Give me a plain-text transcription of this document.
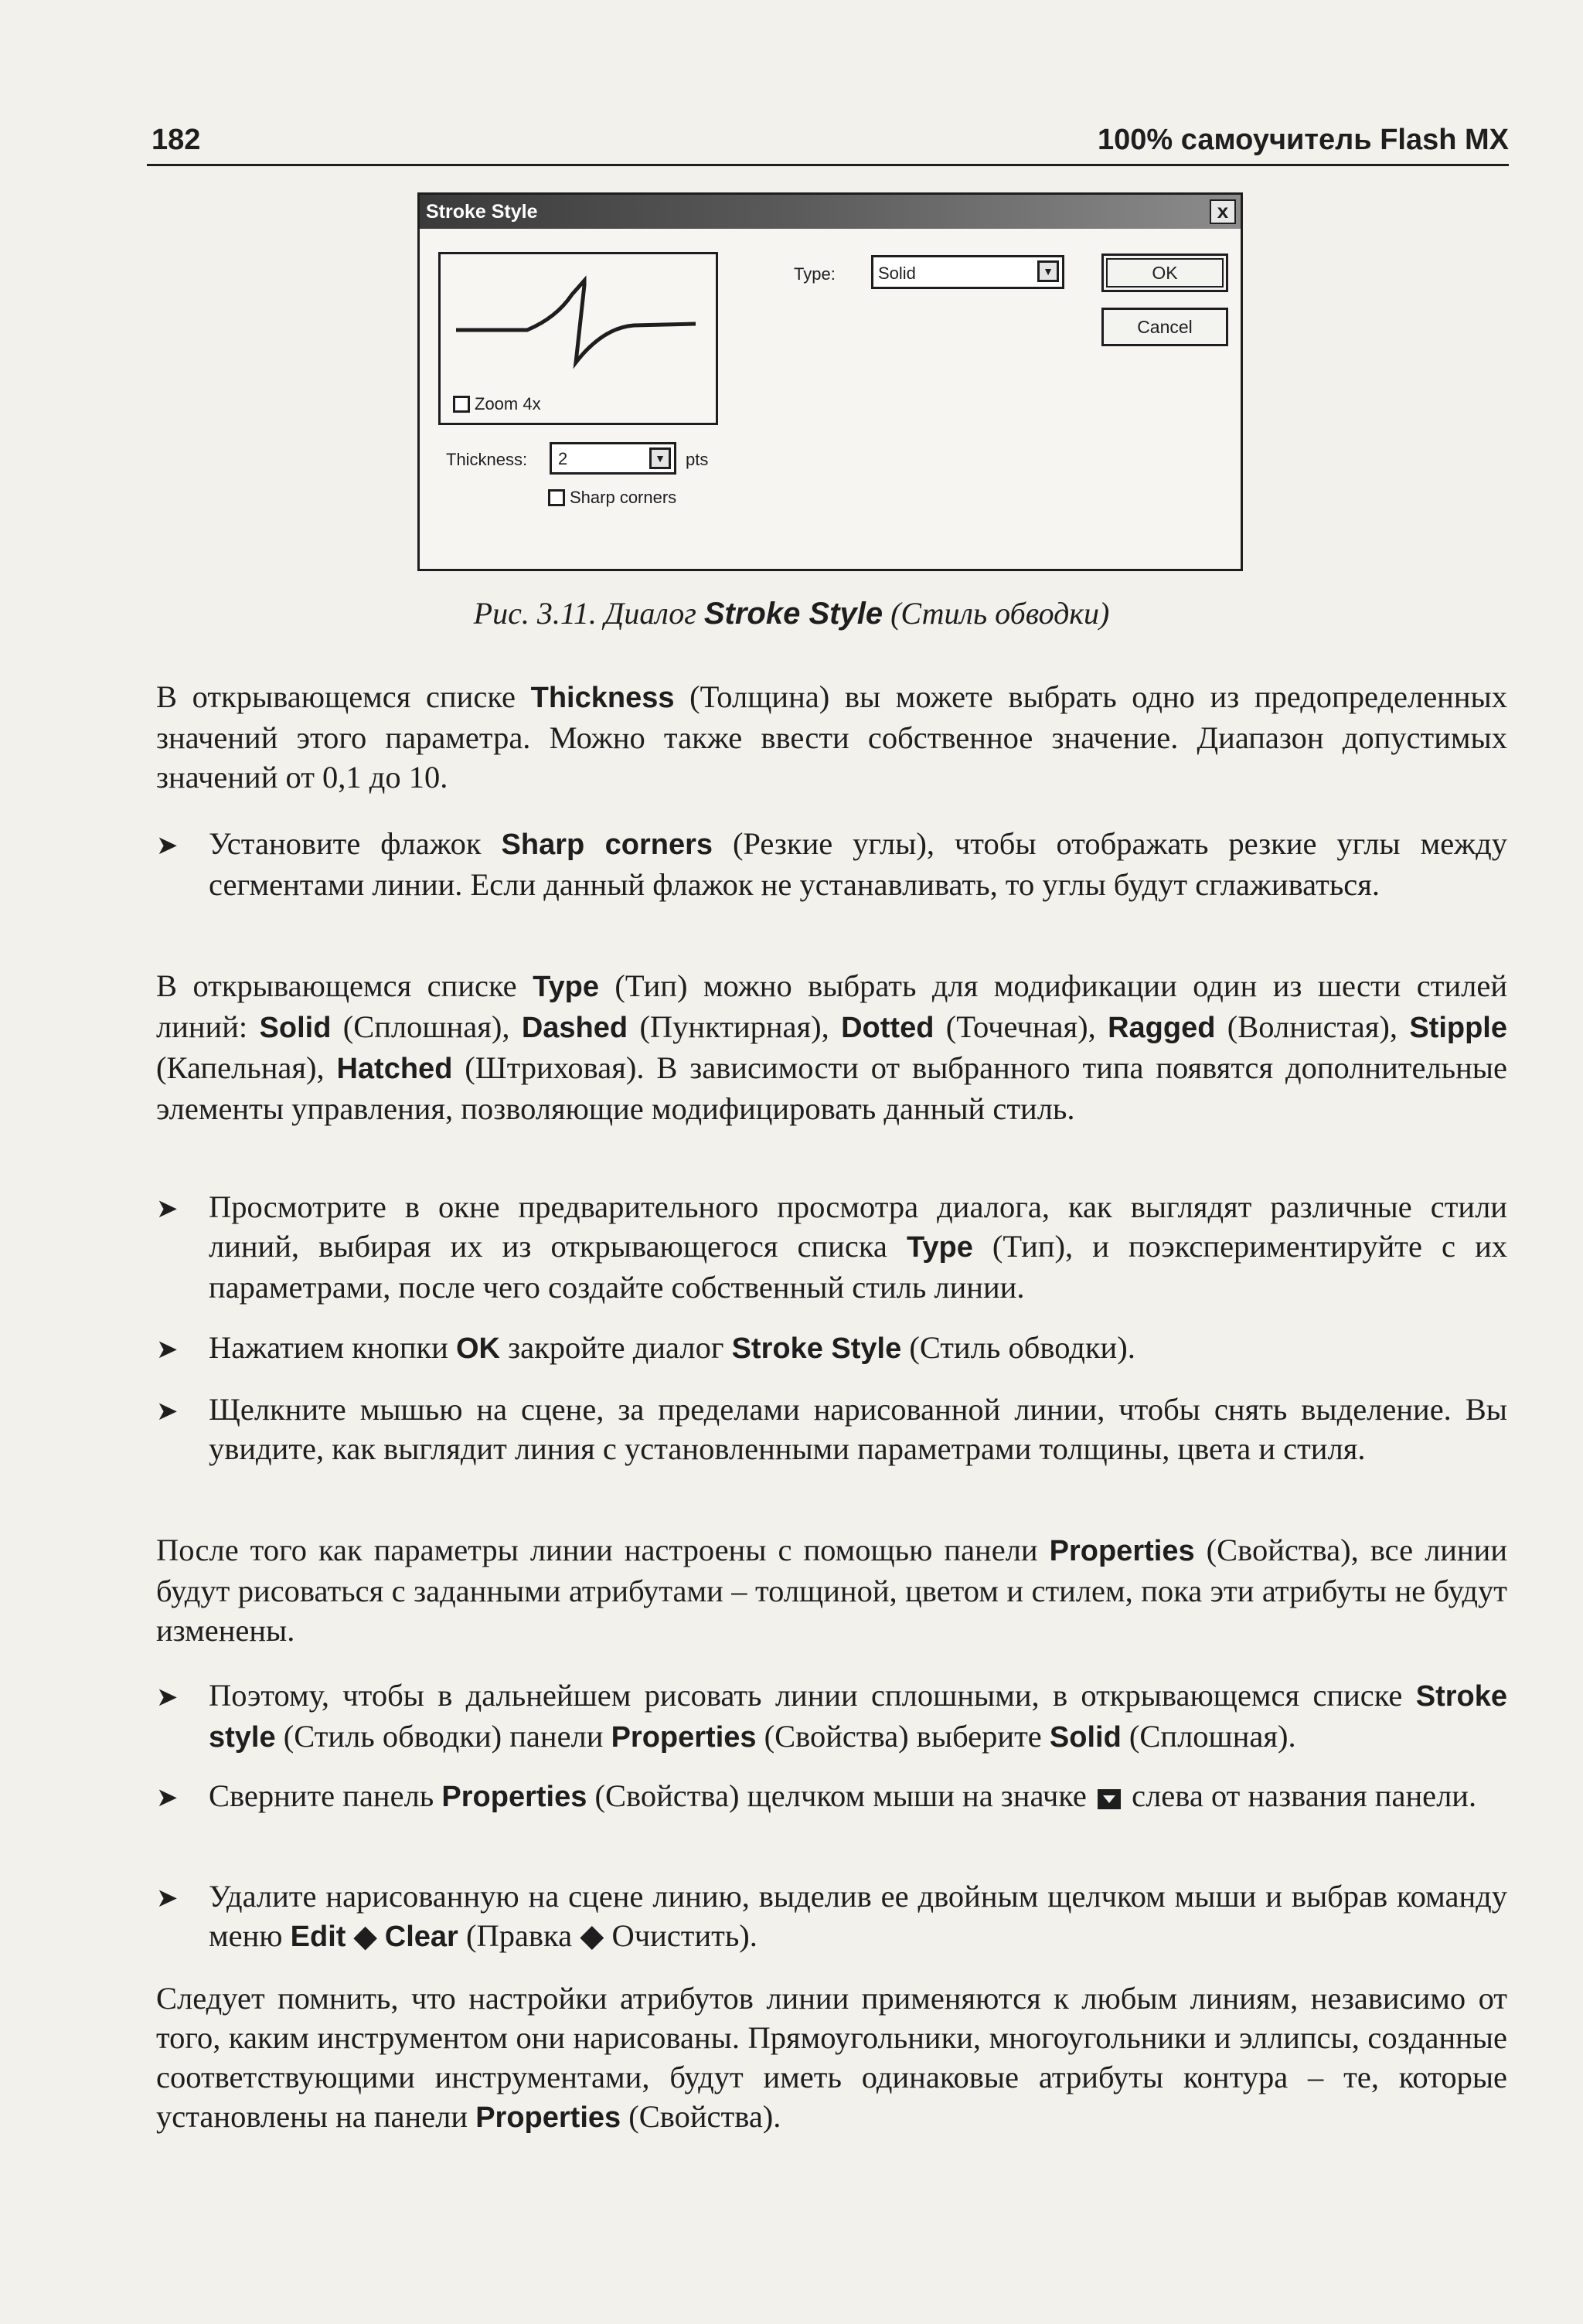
182	100% самоучитель Flash MX
Stroke Style	x
Zoom 4x
Thickness: 2	▼	pts
Sharp corners
Type:	Solid	▼	OK
Cancel
Рис. 3.11. Диалог Stroke Style (Стиль обводки)

В открывающемся списке Thickness (Толщина) вы можете выбрать одно из предопределенных значений этого параметра. Можно также ввести собственное значение. Диапазон допустимых значений от 0,1 до 10.

➤ Установите флажок Sharp corners (Резкие углы), чтобы отображать резкие углы между сегментами линии. Если данный флажок не устанавливать, то углы будут сглаживаться.

В открывающемся списке Type (Тип) можно выбрать для модификации один из шести стилей линий: Solid (Сплошная), Dashed (Пунктирная), Dotted (Точечная), Ragged (Волнистая), Stipple (Капельная), Hatched (Штриховая). В зависимости от выбранного типа появятся дополнительные элементы управления, позволяющие модифицировать данный стиль.

➤ Просмотрите в окне предварительного просмотра диалога, как выглядят различные стили линий, выбирая их из открывающегося списка Type (Тип), и поэкспериментируйте с их параметрами, после чего создайте собственный стиль линии.

➤ Нажатием кнопки OK закройте диалог Stroke Style (Стиль обводки).

➤ Щелкните мышью на сцене, за пределами нарисованной линии, чтобы снять выделение. Вы увидите, как выглядит линия с установленными параметрами толщины, цвета и стиля.

После того как параметры линии настроены с помощью панели Properties (Свойства), все линии будут рисоваться с заданными атрибутами – толщиной, цветом и стилем, пока эти атрибуты не будут изменены.

➤ Поэтому, чтобы в дальнейшем рисовать линии сплошными, в открывающемся списке Stroke style (Стиль обводки) панели Properties (Свойства) выберите Solid (Сплошная).

➤ Сверните панель Properties (Свойства) щелчком мыши на значке слева от названия панели.

➤ Удалите нарисованную на сцене линию, выделив ее двойным щелчком мыши и выбрав команду меню Edit ◆ Clear (Правка ◆ Очистить).

Следует помнить, что настройки атрибутов линии применяются к любым линиям, независимо от того, каким инструментом они нарисованы. Прямоугольники, многоугольники и эллипсы, созданные соответствующими инструментами, будут иметь одинаковые атрибуты контура – те, которые установлены на панели Properties (Свойства).
